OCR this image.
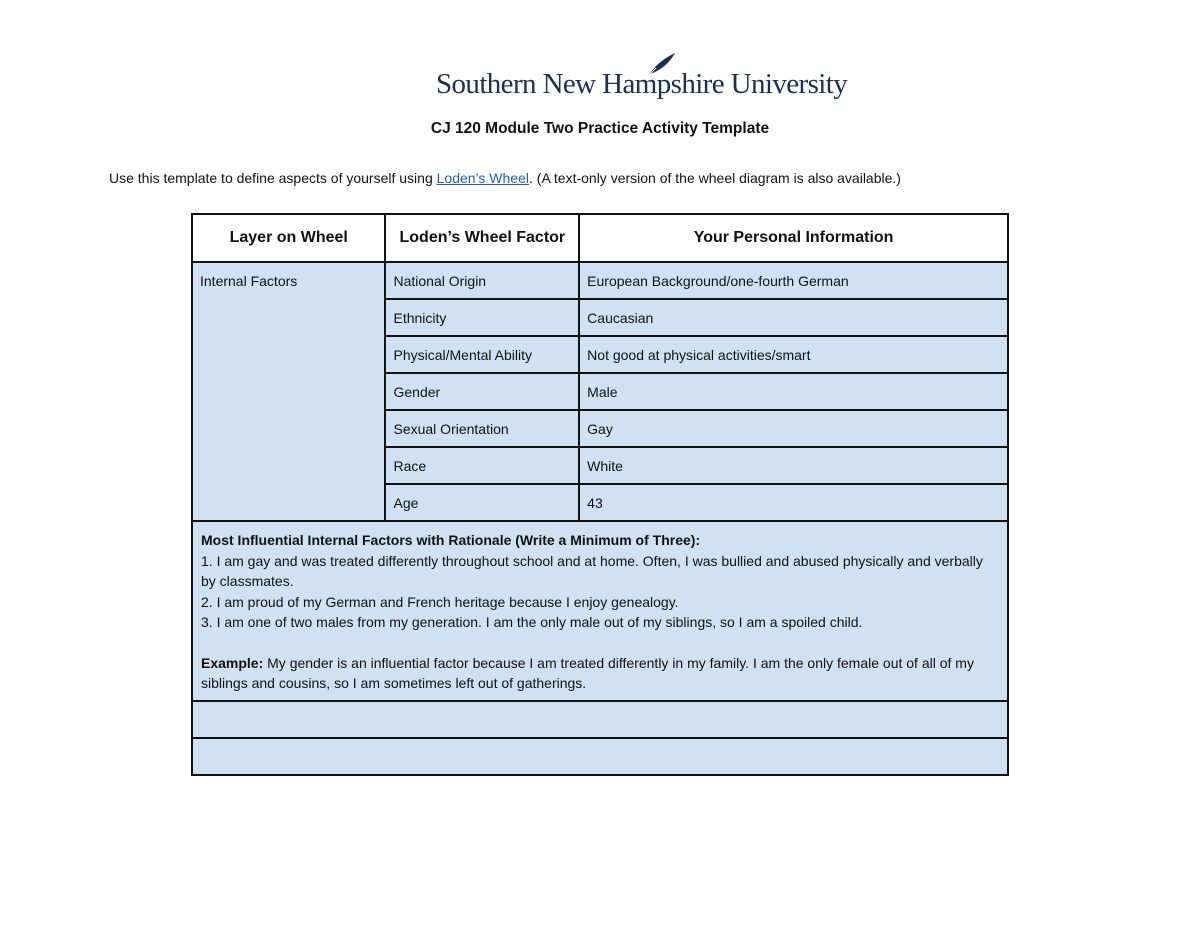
Southern New Hampshire University
CJ 120 Module Two Practice Activity Template
Use this template to define aspects of yourself using Loden’s Wheel. (A text-only version of the wheel diagram is also available.)
Layer on Wheel	Loden’s Wheel Factor	Your Personal Information
Internal Factors	National Origin	European Background/one-fourth German
	Ethnicity	Caucasian
	Physical/Mental Ability	Not good at physical activities/smart
	Gender	Male
	Sexual Orientation	Gay
	Race	White
	Age	43

Most Influential Internal Factors with Rationale (Write a Minimum of Three):
1. I am gay and was treated differently throughout school and at home. Often, I was bullied and abused physically and verbally by classmates.
2. I am proud of my German and French heritage because I enjoy genealogy.
3. I am one of two males from my generation. I am the only male out of my siblings, so I am a spoiled child.
Example: My gender is an influential factor because I am treated differently in my family. I am the only female out of all of my siblings and cousins, so I am sometimes left out of gatherings.		
